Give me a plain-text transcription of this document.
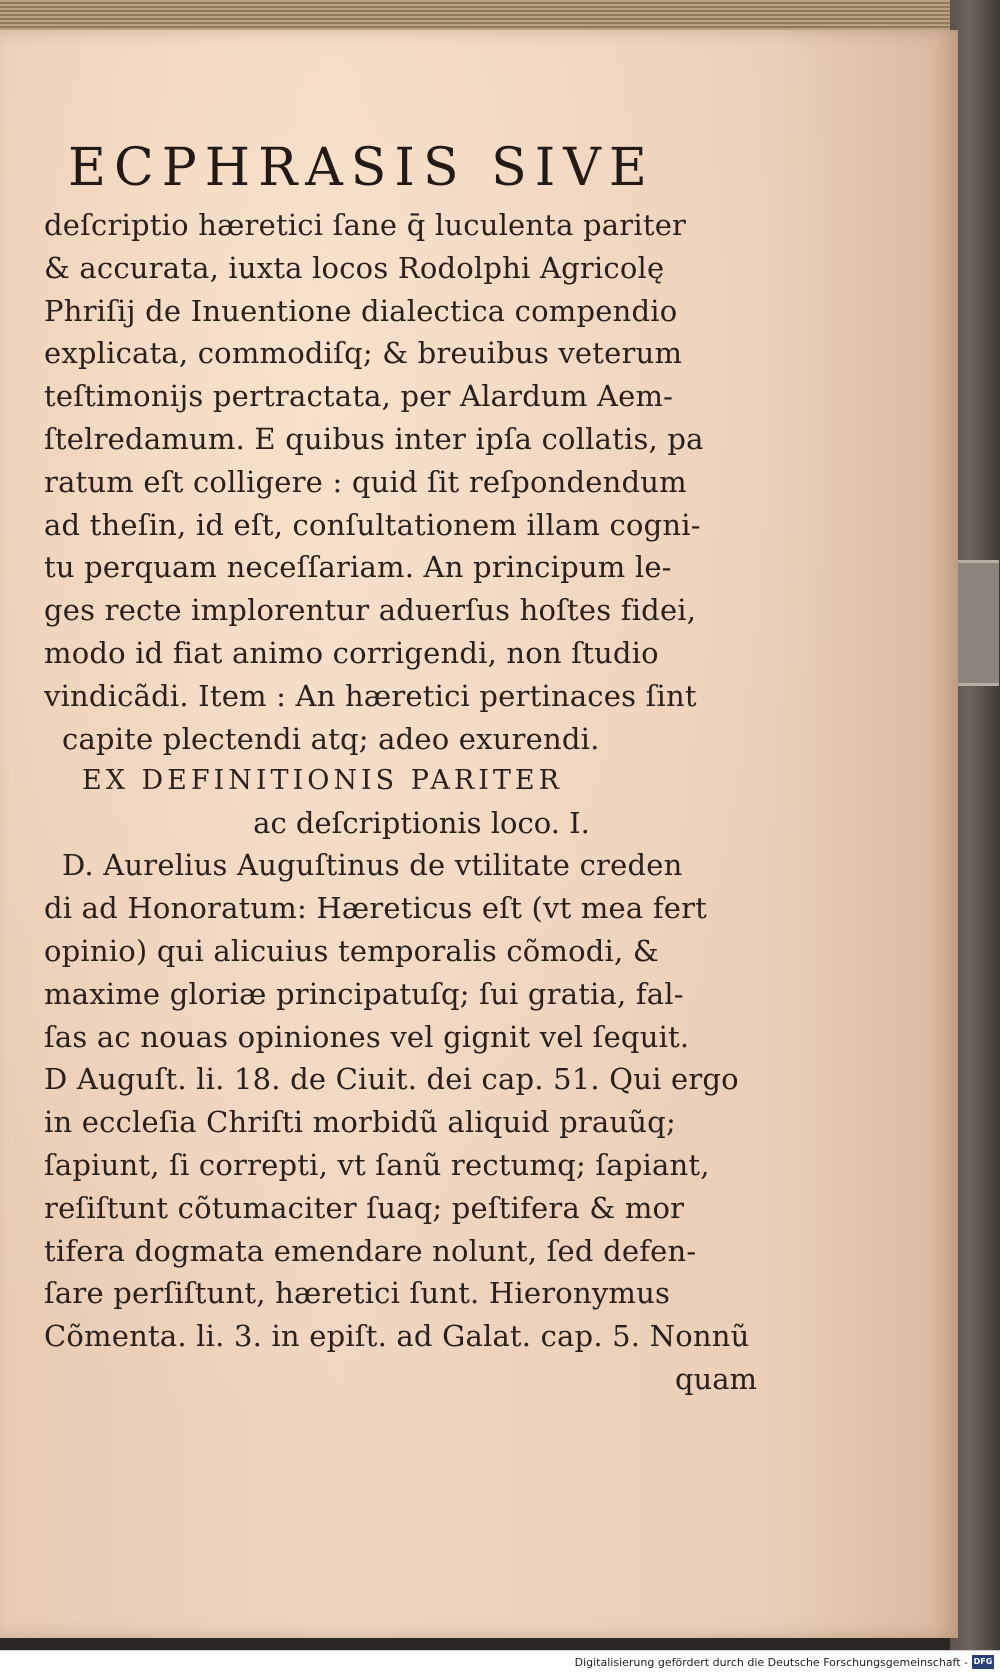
ECPHRASIS SIVE
deſcriptio hæretici ſane q̄ luculenta pariter
& accurata, iuxta locos Rodolphi Agricolę
Phriſij de Inuentione dialectica compendio
explicata, commodiſq; & breuibus veterum
teſtimonijs pertractata, per Alardum Aem-
ſtelredamum. E quibus inter ipſa collatis, pa
ratum eſt colligere : quid ſit reſpondendum
ad theſin, id eſt, conſultationem illam cogni-
tu perquam neceſſariam. An principum le-
ges recte implorentur aduerſus hoſtes fidei,
modo id fiat animo corrigendi, non ſtudio
vindicãdi. Item : An hæretici pertinaces ſint
capite plectendi atq; adeo exurendi.
EX DEFINITIONIS PARITER
ac deſcriptionis loco. I.
D. Aurelius Auguſtinus de vtilitate creden
di ad Honoratum: Hæreticus eſt (vt mea fert
opinio) qui alicuius temporalis cõmodi, &
maxime gloriæ principatuſq; ſui gratia, fal-
ſas ac nouas opiniones vel gignit vel ſequit.
D Auguſt. li. 18. de Ciuit. dei cap. 51. Qui ergo
in eccleſia Chriſti morbidũ aliquid prauũq;
ſapiunt, ſi correpti, vt ſanũ rectumq; ſapiant,
reſiſtunt cõtumaciter ſuaq; peſtifera & mor
tifera dogmata emendare nolunt, ſed defen-
ſare perſiſtunt, hæretici ſunt. Hieronymus
Cõmenta. li. 3. in epiſt. ad Galat. cap. 5. Nonnũ
quam
Digitalisierung gefördert durch die Deutsche Forschungsgemeinschaft - DFG
